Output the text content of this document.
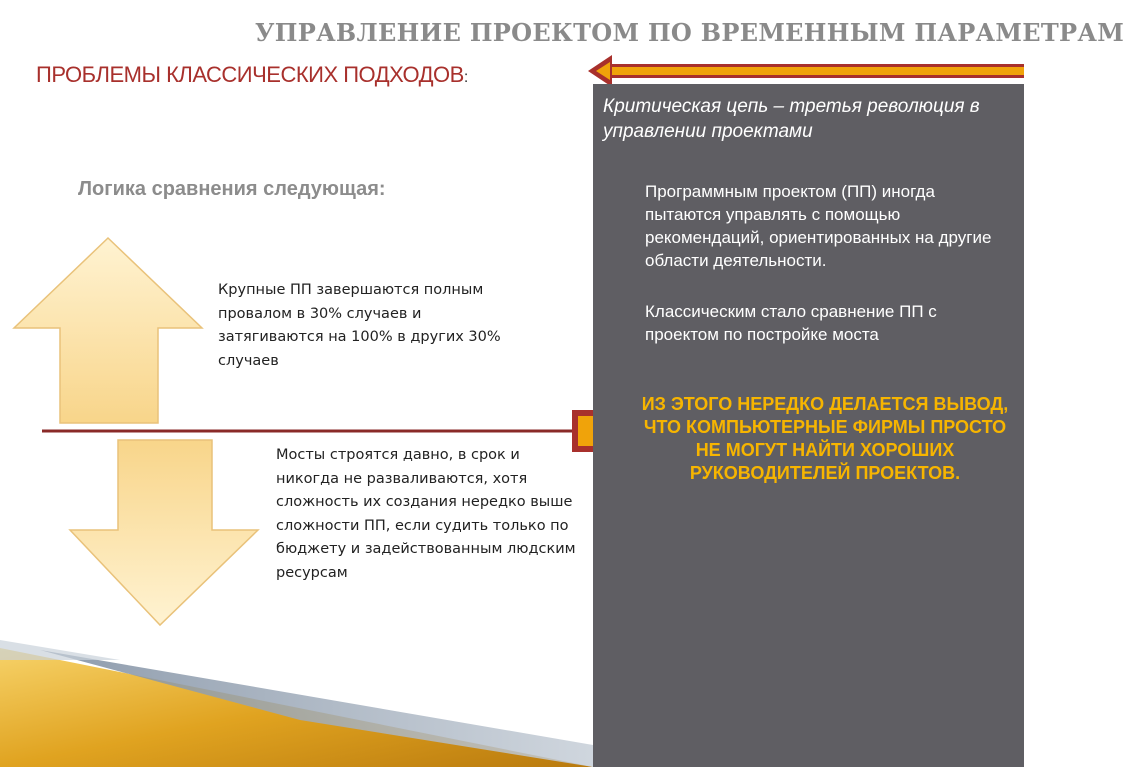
УПРАВЛЕНИЕ ПРОЕКТОМ ПО ВРЕМЕННЫМ ПАРАМЕТРАМ
ПРОБЛЕМЫ КЛАССИЧЕСКИХ ПОДХОДОВ:
Логика сравнения следующая:
Крупные ПП завершаются полным провалом в 30% случаев и затягиваются на 100% в других 30% случаев
Мосты строятся давно, в срок и никогда не разваливаются, хотя сложность их создания нередко выше сложности ПП, если судить только по бюджету и задействованным людским ресурсам
Критическая цепь – третья революция в управлении проектами
Программным проектом (ПП) иногда пытаются управлять с помощью рекомендаций, ориентированных на другие области деятельности.
Классическим стало сравнение ПП с проектом по постройке моста
ИЗ ЭТОГО НЕРЕДКО ДЕЛАЕТСЯ ВЫВОД, ЧТО КОМПЬЮТЕРНЫЕ ФИРМЫ ПРОСТО НЕ МОГУТ НАЙТИ ХОРОШИХ РУКОВОДИТЕЛЕЙ ПРОЕКТОВ.
